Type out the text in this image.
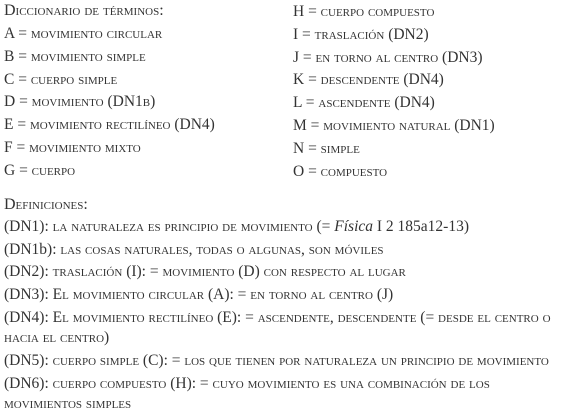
Diccionario de términos:
A = movimiento circular
B = movimiento simple
C = cuerpo simple
D = movimiento (DN1b)
E = movimiento rectilíneo (DN4)
F = movimiento mixto
G = cuerpo
H = cuerpo compuesto
I = traslación (DN2)
J = en torno al centro (DN3)
K = descendente (DN4)
L = ascendente (DN4)
M = movimiento natural (DN1)
N = simple
O = compuesto
Definiciones:
(DN1): la naturaleza es principio de movimiento (= Física I 2 185a12-13)
(DN1b): las cosas naturales, todas o algunas, son móviles
(DN2): traslación (I): = movimiento (D) con respecto al lugar
(DN3): El movimiento circular (A): = en torno al centro (J)
(DN4): El movimiento rectilíneo (E): = ascendente, descendente (= desde el centro o hacia el centro)
(DN5): cuerpo simple (C): = los que tienen por naturaleza un principio de movimiento
(DN6): cuerpo compuesto (H): = cuyo movimiento es una combinación de los movimientos simples
